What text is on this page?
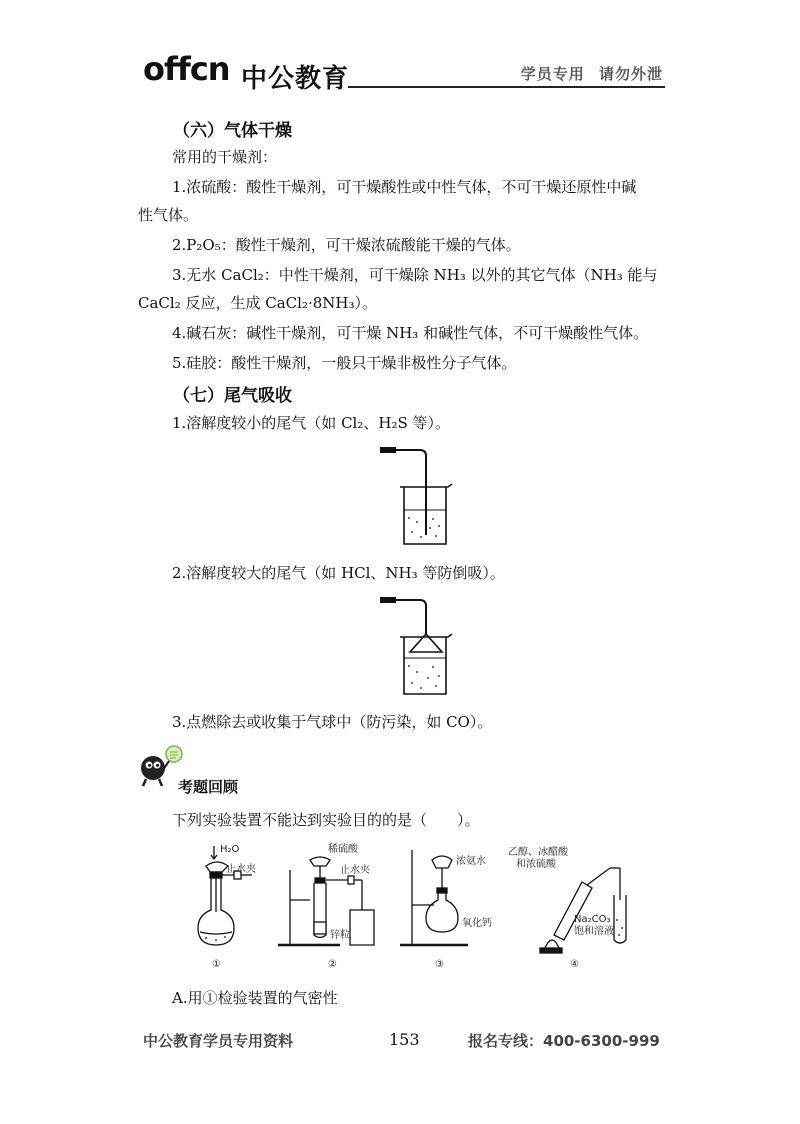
offcn 中公教育	学员专用 请勿外泄
（六）气体干燥
常用的干燥剂：
1.浓硫酸：酸性干燥剂，可干燥酸性或中性气体，不可干燥还原性中碱
性气体。
2.P₂O₅：酸性干燥剂，可干燥浓硫酸能干燥的气体。
3.无水 CaCl₂：中性干燥剂，可干燥除 NH₃ 以外的其它气体（NH₃ 能与
CaCl₂ 反应，生成 CaCl₂·8NH₃）。
4.碱石灰：碱性干燥剂，可干燥 NH₃ 和碱性气体，不可干燥酸性气体。
5.硅胶：酸性干燥剂，一般只干燥非极性分子气体。
（七）尾气吸收
1.溶解度较小的尾气（如 Cl₂、H₂S 等）。
2.溶解度较大的尾气（如 HCl、NH₃ 等防倒吸）。
3.点燃除去或收集于气球中（防污染，如 CO）。
考题回顾
下列实验装置不能达到实验目的的是（　　）。
H₂O
止水夹
①
稀硫酸
止水夹
锌粒
②
浓氨水
氧化钙
③
乙醇、冰醋酸
和浓硫酸
Na₂CO₃
饱和溶液
④
A.用①检验装置的气密性
中公教育学员专用资料	153	报名专线：400-6300-999
